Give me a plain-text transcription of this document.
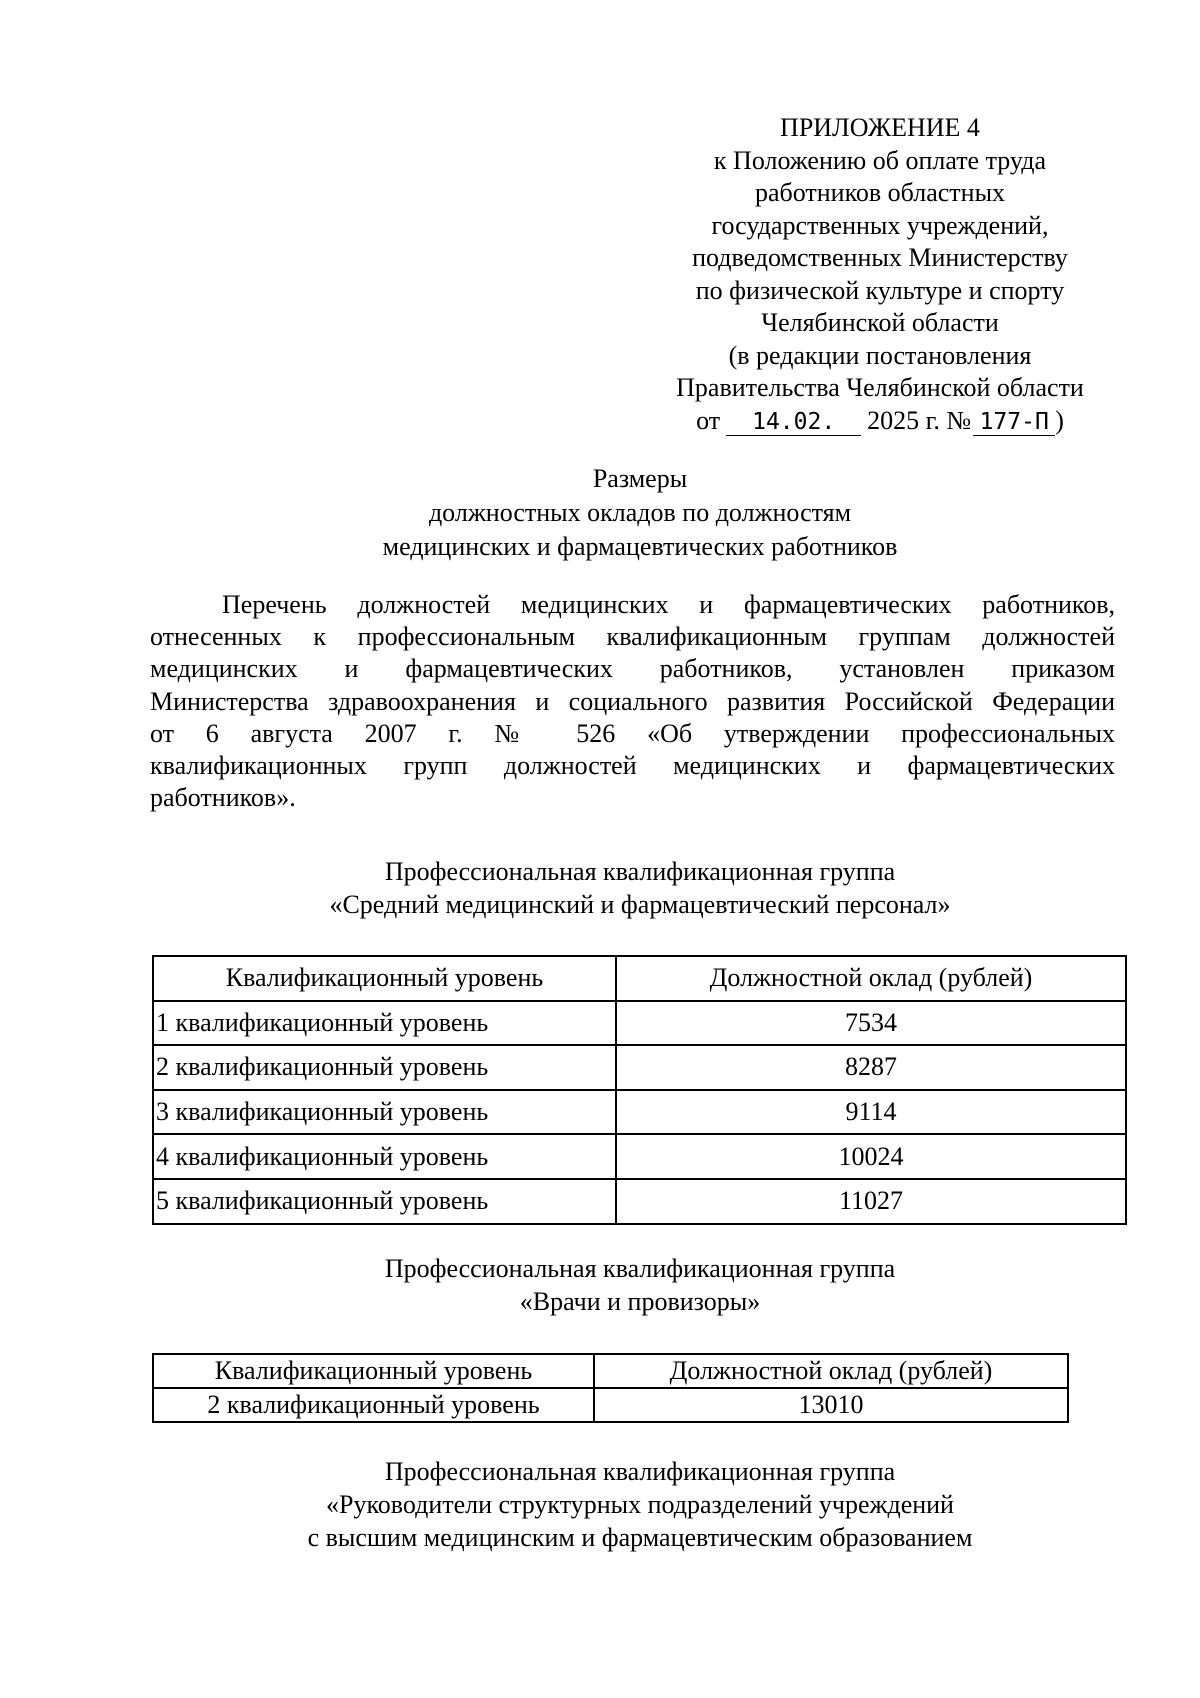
ПРИЛОЖЕНИЕ 4
к Положению об оплате труда
работников областных
государственных учреждений,
подведомственных Министерству
по физической культуре и спорту
Челябинской области
(в редакции постановления
Правительства Челябинской области
от 14.02. 2025 г. № 177-П )
Размеры
должностных окладов по должностям
медицинских и фармацевтических работников
Перечень должностей медицинских и фармацевтических работников,
отнесенных к профессиональным квалификационным группам должностей
медицинских и фармацевтических работников, установлен приказом
Министерства здравоохранения и социального развития Российской Федерации
от 6 августа 2007 г. № 526 «Об утверждении профессиональных
квалификационных групп должностей медицинских и фармацевтических
работников».
Профессиональная квалификационная группа
«Средний медицинский и фармацевтический персонал»
Квалификационный уровень	Должностной оклад (рублей)
1 квалификационный уровень	7534
2 квалификационный уровень	8287
3 квалификационный уровень	9114
4 квалификационный уровень	10024
5 квалификационный уровень	11027
Профессиональная квалификационная группа
«Врачи и провизоры»
Квалификационный уровень	Должностной оклад (рублей)
2 квалификационный уровень	13010
Профессиональная квалификационная группа
«Руководители структурных подразделений учреждений
с высшим медицинским и фармацевтическим образованием
